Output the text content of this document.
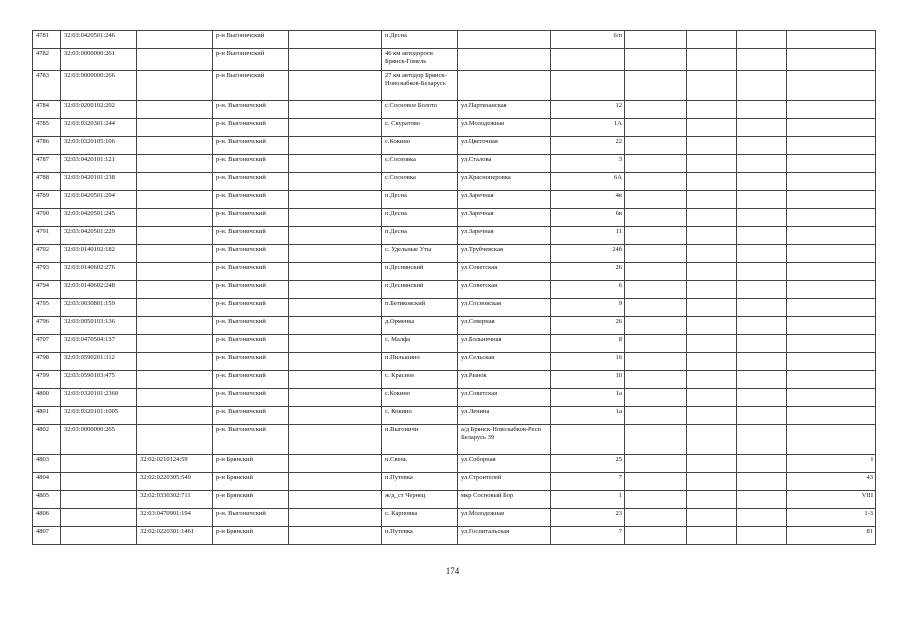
4781	32:03:0420501:246		р-н Выгоничский		п.Десна		6/п				
4782	32:03:0000000:261		р-н Выгоничский		46 км автодороги Брянск-Гомель						
4783	32:03:0000000:266		р-н Выгоничский		27 км автодор Брянск-Новозыбков-Беларусь						
4784	32:03:0200102:202		р-н. Выгоничский		с.Сосновое Болото	ул.Партизанская	12				
4785	32:03:0320301:244		р-н. Выгоничский		с. Скуратово	ул.Молодежная	1А				
4786	32:03:0320105:106		р-н. Выгоничский		с.Кокино	ул.Цветочная	22				
4787	32:03:0420101:121		р-н. Выгоничский		с.Сосновка	ул.Сталова	3				
4788	32:03:0420101:238		р-н. Выгоничский		с.Сосновка	ул.Красноперовка	6А				
4789	32:03:0420501:204		р-н. Выгоничский		п.Десна	ул.Заречная	4в				
4790	32:03:0420501:245		р-н. Выгоничский		п.Десна	ул.Заречная	6в				
4791	32:03:0420501:229		р-н. Выгоничский		п.Десна	ул.Заречная	11				
4792	32:03:0140102:182		р-н. Выгоничский		с. Удельные Уты	ул.Трубчевская	24б				
4793	32:03:0140602:276		р-н. Выгоничский		п.Деснянский	ул.Советская	26				
4794	32:03:0140602:248		р-н. Выгоничский		п.Деснянский	ул.Советская	6				
4795	32:03:0030801:159		р-н. Выгоничский		п.Бетиковский	ул.Сосновская	9				
4796	32:03:0050103:136		р-н. Выгоничский		д.Орменка	ул.Северная	26				
4797	32:03:0470504:137		р-н. Выгоничский		с. Малфа	ул.Больничная	8				
4798	32:03:0590201:312		р-н. Выгоничский		п.Пильшино	ул.Сельская	16				
4799	32:03:0590103:475		р-н. Выгоничский		с. Красное	ул.Рынок	10				
4800	32:03:0320101:2360		р-н. Выгоничский		с.Кокино	ул.Советская	1а				
4801	32:03:0320101:1005		р-н. Выгоничский		с. Кокино	ул.Ленина	1а				
4802	32:03:0000000:265		р-н. Выгоничский		п.Выгоничи	а/д Брянск-Новозыбков-Респ Беларусь 39					
4803		32:02:0210124:59	р-н Брянский		п.Свень	ул.Соборная	25				I
4804		32:02:0220305:549	р-н Брянский		п.Путевка	ул.Строителей	7				43
4805		32:02:0330302:711	р-н Брянский		ж/д_ст Чернец	мкр Сосновый Бор	1				VIII
4806		32:03:0470901:194	р-н. Выгоничский		с. Карповка	ул.Молодежная	23				1-3
4807		32:02:0220301:1461	р-н Брянский		п.Путевка	ул.Госпитальская	7				81
174
